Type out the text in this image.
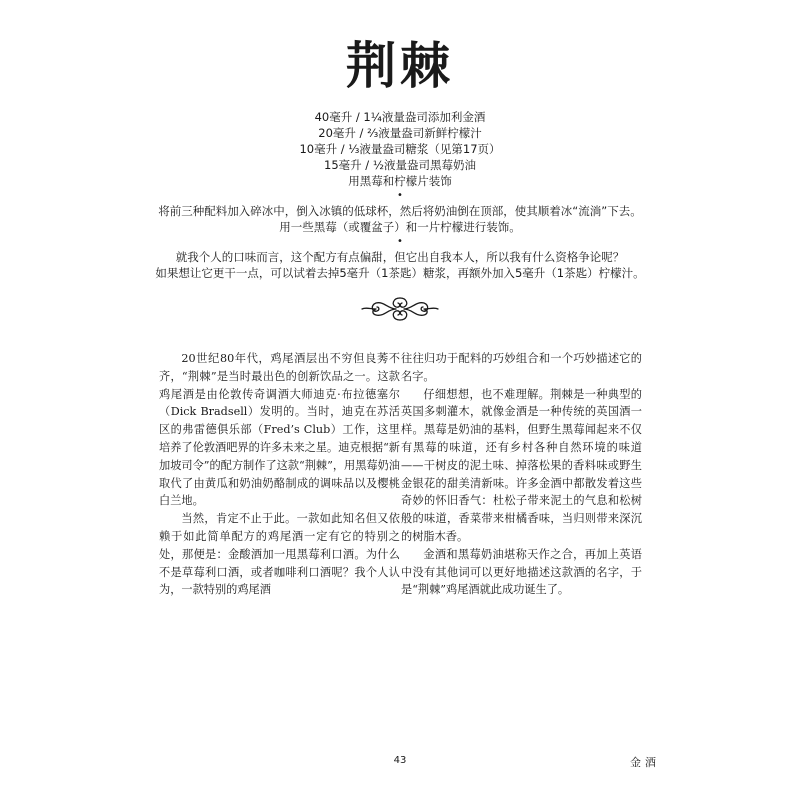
荆棘
40毫升 / 1¼液量盎司添加利金酒
20毫升 / ⅔液量盎司新鲜柠檬汁
10毫升 / ⅓液量盎司糖浆（见第17页）
15毫升 / ½液量盎司黑莓奶油
用黑莓和柠檬片装饰
•
将前三种配料加入碎冰中，倒入冰镇的低球杯，然后将奶油倒在顶部，使其顺着冰“流淌”下去。
用一些黑莓（或覆盆子）和一片柠檬进行装饰。
•
就我个人的口味而言，这个配方有点偏甜，但它出自我本人，所以我有什么资格争论呢？
如果想让它更干一点，可以试着去掉5毫升（1茶匙）糖浆，再额外加入5毫升（1茶匙）柠檬汁。

20世纪80年代，鸡尾酒层出不穷但良莠不齐，“荆棘”是当时最出色的创新饮品之一。这款鸡尾酒是由伦敦传奇调酒大师迪克·布拉德塞尔（Dick Bradsell）发明的。当时，迪克在苏活区的弗雷德俱乐部（Fred’s Club）工作，这里培养了伦敦酒吧界的许多未来之星。迪克根据“新加坡司令”的配方制作了这款“荆棘”，用黑莓奶油取代了由黄瓜和奶油奶酪制成的调味品以及樱桃白兰地。

当然，肯定不止于此。一款如此知名但又依赖于如此简单配方的鸡尾酒一定有它的特别之处，那便是：金酸酒加一甩黑莓利口酒。为什么不是草莓利口酒，或者咖啡利口酒呢？我个人认为，一款特别的鸡尾酒

往往归功于配料的巧妙组合和一个巧妙描述它的名字。

仔细想想，也不难理解。荆棘是一种典型的英国多刺灌木，就像金酒是一种传统的英国酒一样。黑莓是奶油的基料，但野生黑莓闻起来不仅有黑莓的味道，还有乡村各种自然环境的味道——干树皮的泥土味、掉落松果的香料味或野生金银花的甜美清新味。许多金酒中都散发着这些奇妙的怀旧香气：杜松子带来泥土的气息和松树般的味道，香菜带来柑橘香味，当归则带来深沉的树脂木香。

金酒和黑莓奶油堪称天作之合，再加上英语中没有其他词可以更好地描述这款酒的名字，于是“荆棘”鸡尾酒就此成功诞生了。

43	金酒
